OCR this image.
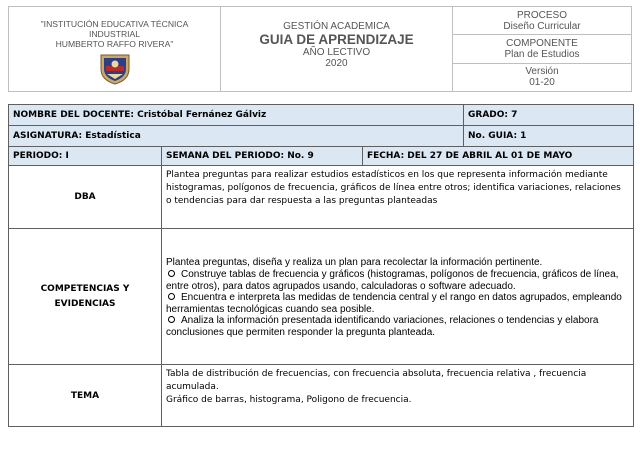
"INSTITUCIÓN EDUCATIVA TÉCNICA
INDUSTRIAL
HUMBERTO RAFFO RIVERA"
GESTIÓN ACADEMICA
GUIA DE APRENDIZAJE
AÑO LECTIVO
2020
PROCESO
Diseño Curricular
COMPONENTE
Plan de Estudios
Versión
01-20
NOMBRE DEL DOCENTE: Cristóbal Fernánez Gálviz			GRADO: 7
ASIGNATURA: Estadística			No. GUIA: 1
PERIODO: I	SEMANA DEL PERIODO: No. 9	FECHA: DEL 27 DE ABRIL AL 01 DE MAYO	
DBA	Plantea preguntas para realizar estudios estadísticos en los que representa información mediante histogramas, polígonos de frecuencia, gráficos de línea entre otros; identifica variaciones, relaciones o tendencias para dar respuesta a las preguntas planteadas		
COMPETENCIAS Y EVIDENCIAS	Plantea preguntas, diseña y realiza un plan para recolectar la información pertinente.
Construye tablas de frecuencia y gráficos (histogramas, polígonos de frecuencia, gráficos de línea, entre otros), para datos agrupados usando, calculadoras o software adecuado.
Encuentra e interpreta las medidas de tendencia central y el rango en datos agrupados, empleando herramientas tecnológicas cuando sea posible.
Analiza la información presentada identificando variaciones, relaciones o tendencias y elabora conclusiones que permiten responder la pregunta planteada.		

TEMA	Tabla de distribución de frecuencias, con frecuencia absoluta, frecuencia relativa , frecuencia acumulada.
Gráfico de barras, histograma, Poligono de frecuencia.		
